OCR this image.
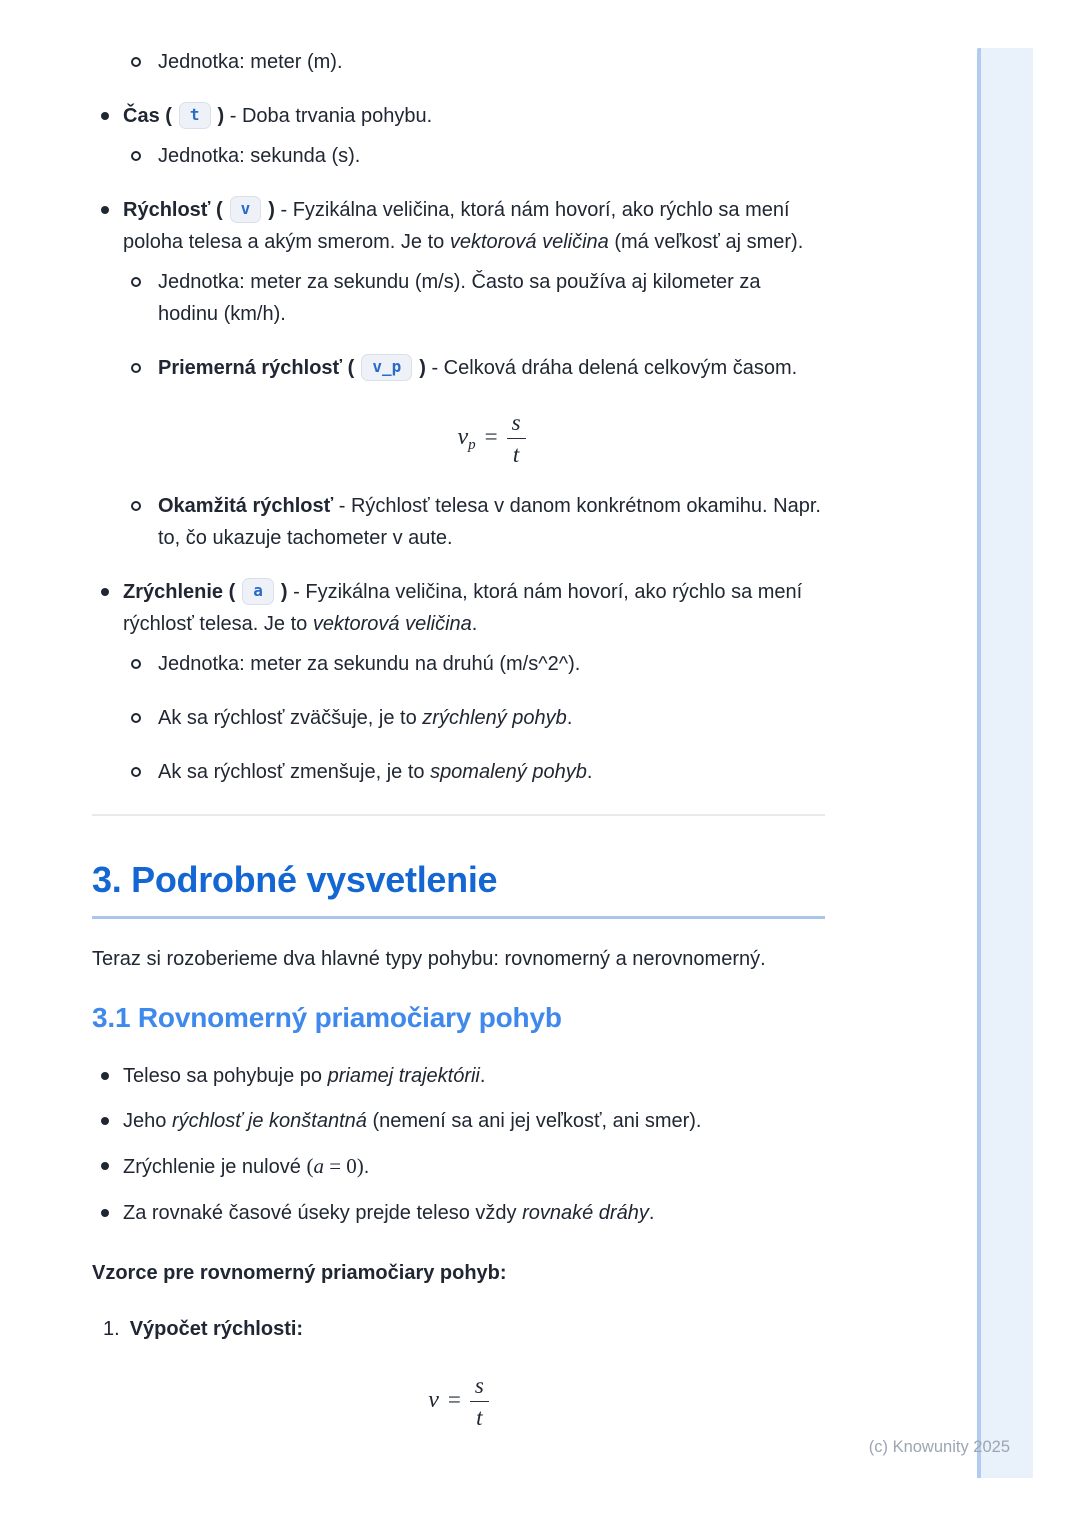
Jednotka: meter (m).
Čas ( t ) - Doba trvania pohybu.
Jednotka: sekunda (s).
Rýchlosť ( v ) - Fyzikálna veličina, ktorá nám hovorí, ako rýchlo sa mení poloha telesa a akým smerom. Je to vektorová veličina (má veľkosť aj smer).
Jednotka: meter za sekundu (m/s). Často sa používa aj kilometer za hodinu (km/h).
Priemerná rýchlosť ( v_p ) - Celková dráha delená celkovým časom.
$v_p = \frac{s}{t}$
Okamžitá rýchlosť - Rýchlosť telesa v danom konkrétnom okamihu. Napr. to, čo ukazuje tachometer v aute.
Zrýchlenie ( a ) - Fyzikálna veličina, ktorá nám hovorí, ako rýchlo sa mení rýchlosť telesa. Je to vektorová veličina.
Jednotka: meter za sekundu na druhú (m/s^2^).
Ak sa rýchlosť zväčšuje, je to zrýchlený pohyb.
Ak sa rýchlosť zmenšuje, je to spomalený pohyb.
3. Podrobné vysvetlenie

Teraz si rozoberieme dva hlavné typy pohybu: rovnomerný a nerovnomerný.

3.1 Rovnomerný priamočiary pohyb
Teleso sa pohybuje po priamej trajektórii.
Jeho rýchlosť je konštantná (nemení sa ani jej veľkosť, ani smer).
Zrýchlenie je nulové (a = 0).
Za rovnaké časové úseky prejde teleso vždy rovnaké dráhy.

Vzorce pre rovnomerný priamočiary pohyb:

1. Výpočet rýchlosti:
$v = \frac{s}{t}$
(c) Knowunity 2025
